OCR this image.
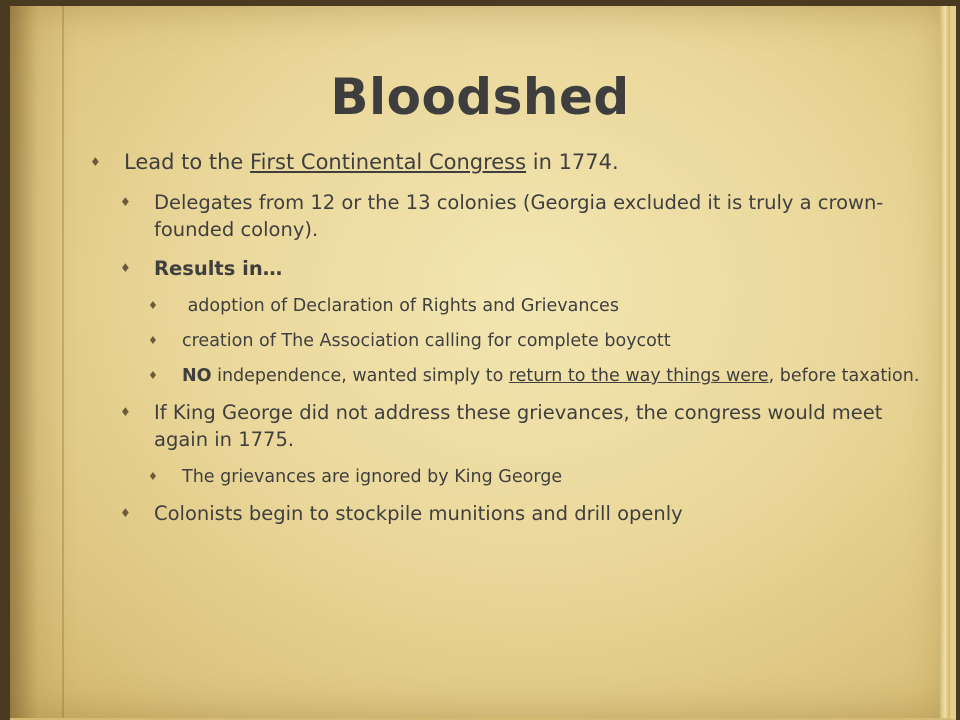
Bloodshed
♦	Lead to the First Continental Congress in 1774.
♦	Delegates from 12 or the 13 colonies (Georgia excluded it is truly a crown-founded colony).
♦	Results in…
♦	adoption of Declaration of Rights and Grievances
♦	creation of The Association calling for complete boycott
♦	NO independence, wanted simply to return to the way things were, before taxation.
♦	If King George did not address these grievances, the congress would meet again in 1775.
♦	The grievances are ignored by King George
♦	Colonists begin to stockpile munitions and drill openly
